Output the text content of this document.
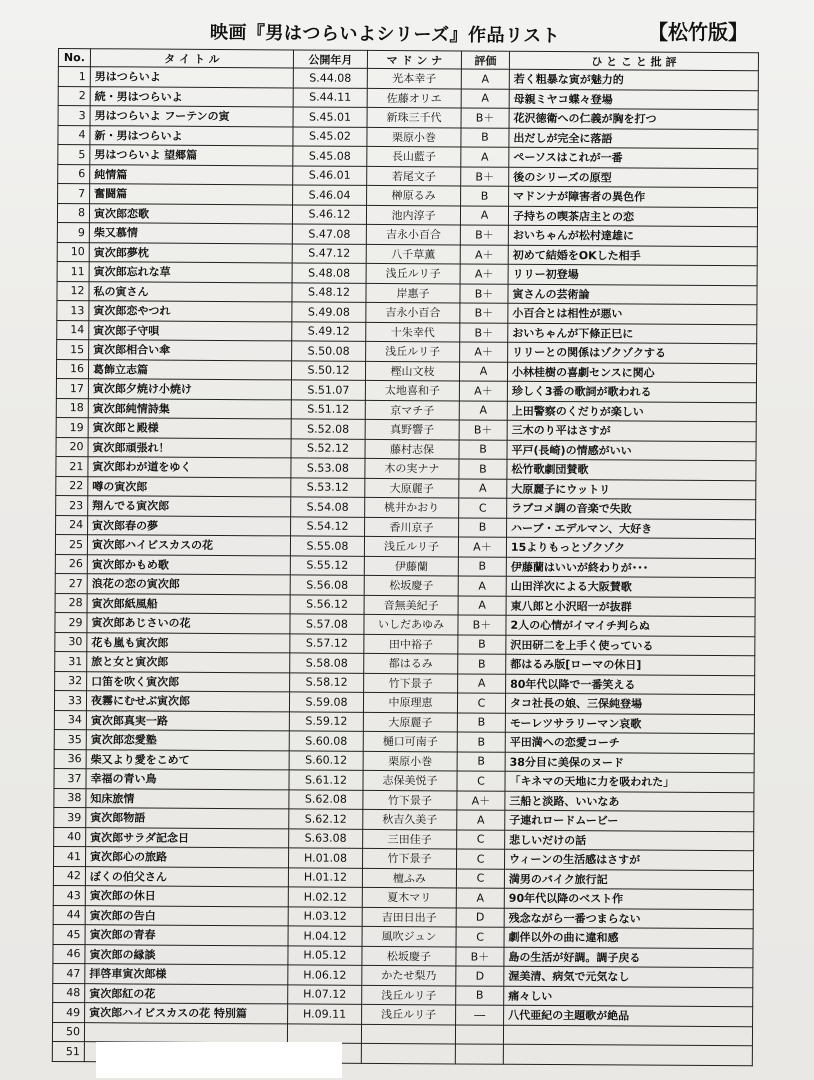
映画『男はつらいよシリーズ』作品リスト	【松竹版】
No.	タ イ ト ル	公開年月	マ ド ン ナ	評価	ひ と こ と 批 評
1	男はつらいよ	S.44.08	光本幸子	A	若く粗暴な寅が魅力的
2	続・男はつらいよ	S.44.11	佐藤オリエ	A	母親ミヤコ蝶々登場
3	男はつらいよ フーテンの寅	S.45.01	新珠三千代	B＋	花沢徳衛への仁義が胸を打つ
4	新・男はつらいよ	S.45.02	栗原小巻	B	出だしが完全に落語
5	男はつらいよ 望郷篇	S.45.08	長山藍子	A	ペーソスはこれが一番
6	純情篇	S.46.01	若尾文子	B＋	後のシリーズの原型
7	奮闘篇	S.46.04	榊原るみ	B	マドンナが障害者の異色作
8	寅次郎恋歌	S.46.12	池内淳子	A	子持ちの喫茶店主との恋
9	柴又慕情	S.47.08	吉永小百合	B＋	おいちゃんが松村達雄に
10	寅次郎夢枕	S.47.12	八千草薫	A＋	初めて結婚をOKした相手
11	寅次郎忘れな草	S.48.08	浅丘ルリ子	A＋	リリー初登場
12	私の寅さん	S.48.12	岸惠子	B＋	寅さんの芸術論
13	寅次郎恋やつれ	S.49.08	吉永小百合	B＋	小百合とは相性が悪い
14	寅次郎子守唄	S.49.12	十朱幸代	B＋	おいちゃんが下條正巳に
15	寅次郎相合い傘	S.50.08	浅丘ルリ子	A＋	リリーとの関係はゾクゾクする
16	葛飾立志篇	S.50.12	樫山文枝	A	小林桂樹の喜劇センスに関心
17	寅次郎夕焼け小焼け	S.51.07	太地喜和子	A＋	珍しく3番の歌詞が歌われる
18	寅次郎純情詩集	S.51.12	京マチ子	A	上田警察のくだりが楽しい
19	寅次郎と殿様	S.52.08	真野響子	B＋	三木のり平はさすが
20	寅次郎頑張れ！	S.52.12	藤村志保	B	平戸(長崎)の情感がいい
21	寅次郎わが道をゆく	S.53.08	木の実ナナ	B	松竹歌劇団賛歌
22	噂の寅次郎	S.53.12	大原麗子	A	大原麗子にウットリ
23	翔んでる寅次郎	S.54.08	桃井かおり	C	ラブコメ調の音楽で失敗
24	寅次郎春の夢	S.54.12	香川京子	B	ハーブ・エデルマン、大好き
25	寅次郎ハイビスカスの花	S.55.08	浅丘ルリ子	A＋	15よりもっとゾクゾク
26	寅次郎かもめ歌	S.55.12	伊藤蘭	B	伊藤蘭はいいが終わりが･･･
27	浪花の恋の寅次郎	S.56.08	松坂慶子	A	山田洋次による大阪賛歌
28	寅次郎紙風船	S.56.12	音無美紀子	A	東八郎と小沢昭一が抜群
29	寅次郎あじさいの花	S.57.08	いしだあゆみ	B＋	2人の心情がイマイチ判らぬ
30	花も嵐も寅次郎	S.57.12	田中裕子	B	沢田研二を上手く使っている
31	旅と女と寅次郎	S.58.08	都はるみ	B	都はるみ版[ローマの休日]
32	口笛を吹く寅次郎	S.58.12	竹下景子	A	80年代以降で一番笑える
33	夜霧にむせぶ寅次郎	S.59.08	中原理恵	C	タコ社長の娘、三保純登場
34	寅次郎真実一路	S.59.12	大原麗子	B	モーレツサラリーマン哀歌
35	寅次郎恋愛塾	S.60.08	樋口可南子	B	平田満への恋愛コーチ
36	柴又より愛をこめて	S.60.12	栗原小巻	B	38分目に美保のヌード
37	幸福の青い鳥	S.61.12	志保美悦子	C	「キネマの天地に力を吸われた」
38	知床旅情	S.62.08	竹下景子	A＋	三船と淡路、いいなあ
39	寅次郎物語	S.62.12	秋吉久美子	A	子連れロードムービー
40	寅次郎サラダ記念日	S.63.08	三田佳子	C	悲しいだけの話
41	寅次郎心の旅路	H.01.08	竹下景子	C	ウィーンの生活感はさすが
42	ぼくの伯父さん	H.01.12	檀ふみ	C	満男のバイク旅行記
43	寅次郎の休日	H.02.12	夏木マリ	A	90年代以降のベスト作
44	寅次郎の告白	H.03.12	吉田日出子	D	残念ながら一番つまらない
45	寅次郎の青春	H.04.12	風吹ジュン	C	劇伴以外の曲に違和感
46	寅次郎の縁談	H.05.12	松坂慶子	B＋	島の生活が好調。調子戻る
47	拝啓車寅次郎様	H.06.12	かたせ梨乃	D	渥美清、病気で元気なし
48	寅次郎紅の花	H.07.12	浅丘ルリ子	B	痛々しい
49	寅次郎ハイビスカスの花 特別篇	H.09.11	浅丘ルリ子	―	八代亜紀の主題歌が絶品
50					
51					
